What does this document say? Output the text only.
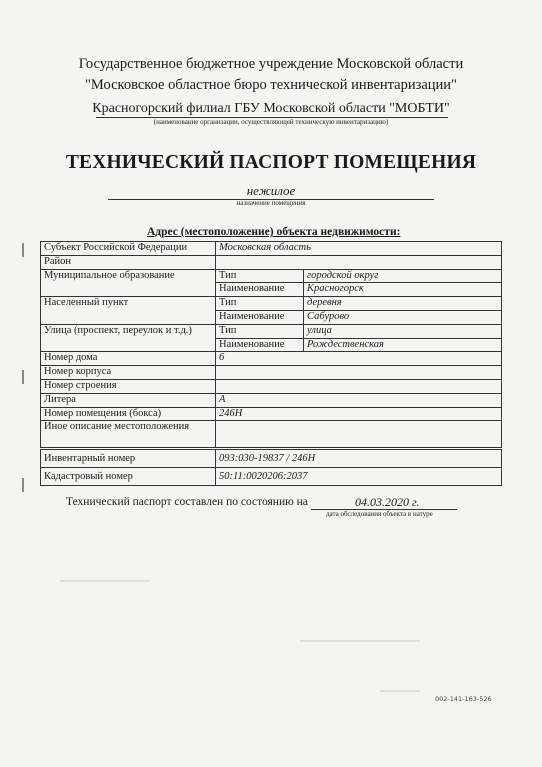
Государственное бюджетное учреждение Московской области
"Московское областное бюро технической инвентаризации"
Красногорский филиал ГБУ Московской области "МОБТИ"
(наименование организации, осуществляющей техническую инвентаризацию)
ТЕХНИЧЕСКИЙ ПАСПОРТ ПОМЕЩЕНИЯ
нежилое
назначение помещения
Адрес (местоположение) объекта недвижимости:
Субъект Российской Федерации	Московская область	
Район		
Муниципальное образование	Тип	городской округ
	Наименование	Красногорск
Населенный пункт	Тип	деревня
	Наименование	Сабурово
Улица (проспект, переулок и т.д.)	Тип	улица
	Наименование	Рождественская
Номер дома	6	
Номер корпуса		
Номер строения		
Литера	А	
Номер помещения (бокса)	246Н	
Иное описание местоположения		
Инвентарный номер	093:030-19837 / 246Н
Кадастровый номер	50:11:0020206:2037
Технический паспорт составлен по состоянию на	04.03.2020 г.
дата обследования объекта в натуре
002-141-163-526
